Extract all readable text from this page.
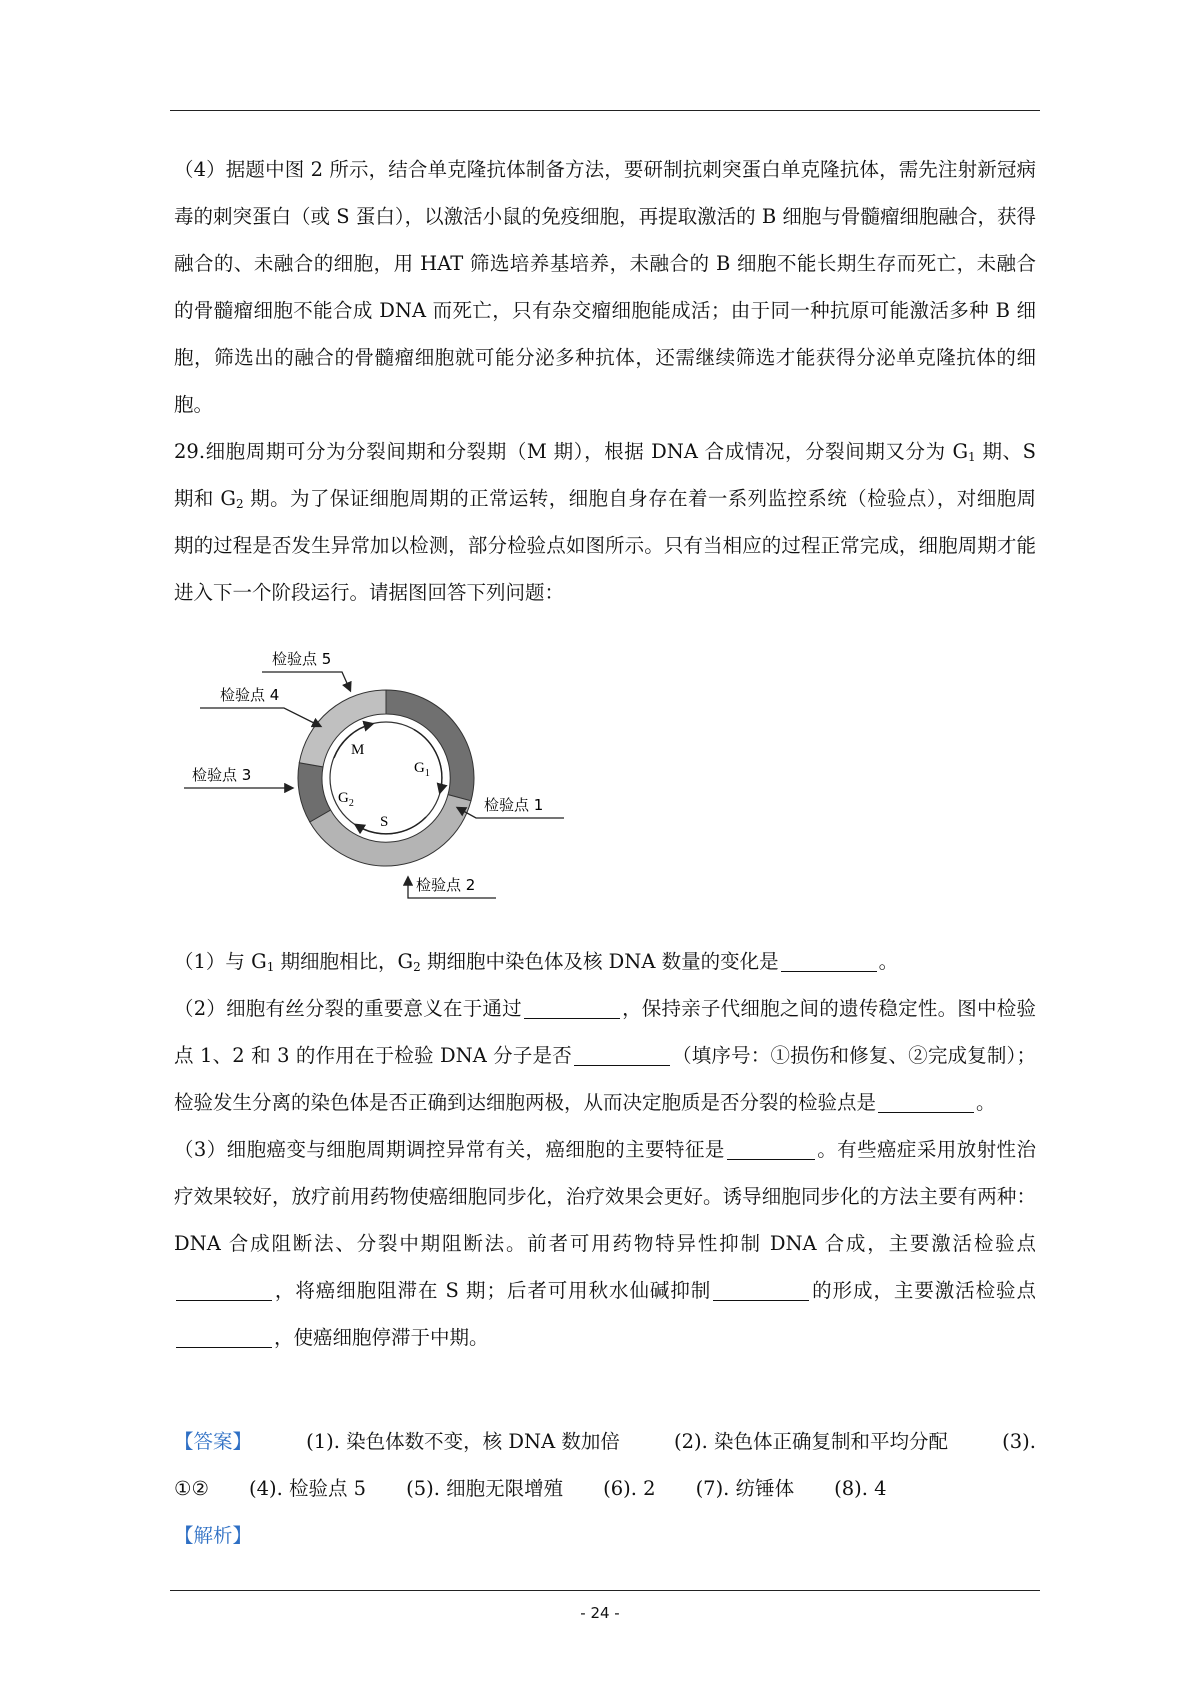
（4）据题中图 2 所示，结合单克隆抗体制备方法，要研制抗刺突蛋白单克隆抗体，需先注射新冠病毒的刺突蛋白（或 S 蛋白），以激活小鼠的免疫细胞，再提取激活的 B 细胞与骨髓瘤细胞融合，获得融合的、未融合的细胞，用 HAT 筛选培养基培养，未融合的 B 细胞不能长期生存而死亡，未融合的骨髓瘤细胞不能合成 DNA 而死亡，只有杂交瘤细胞能成活；由于同一种抗原可能激活多种 B 细胞，筛选出的融合的骨髓瘤细胞就可能分泌多种抗体，还需继续筛选才能获得分泌单克隆抗体的细胞。

29.细胞周期可分为分裂间期和分裂期（M 期），根据 DNA 合成情况，分裂间期又分为 $G_1$ 期、S 期和 $G_2$ 期。为了保证细胞周期的正常运转，细胞自身存在着一系列监控系统（检验点），对细胞周期的过程是否发生异常加以检测，部分检验点如图所示。只有当相应的过程正常完成，细胞周期才能进入下一个阶段运行。请据图回答下列问题：

M
$G_1$
$G_2$
S
检验点 5
检验点 4
检验点 3
检验点 1
检验点 2

（1）与 $G_1$ 期细胞相比，$G_2$ 期细胞中染色体及核 DNA 数量的变化是	。

（2）细胞有丝分裂的重要意义在于通过	，保持亲子代细胞之间的遗传稳定性。图中检验点 1、2 和 3 的作用在于检验 DNA 分子是否	（填序号：①损伤和修复、②完成复制）；检验发生分离的染色体是否正确到达细胞两极，从而决定胞质是否分裂的检验点是	。

（3）细胞癌变与细胞周期调控异常有关，癌细胞的主要特征是	。有些癌症采用放射性治疗效果较好，放疗前用药物使癌细胞同步化，治疗效果会更好。诱导细胞同步化的方法主要有两种：DNA 合成阻断法、分裂中期阻断法。前者可用药物特异性抑制 DNA 合成，主要激活检验点，将癌细胞阻滞在 S 期；后者可用秋水仙碱抑制	的形成，主要激活检验点，使癌细胞停滞于中期。

【答案】	(1). 染色体数不变，核 DNA 数加倍	(2). 染色体正确复制和平均分配	(3).
①② (4). 检验点 5 (5). 细胞无限增殖 (6). 2 (7). 纺锤体 (8). 4
【解析】
- 24 -
